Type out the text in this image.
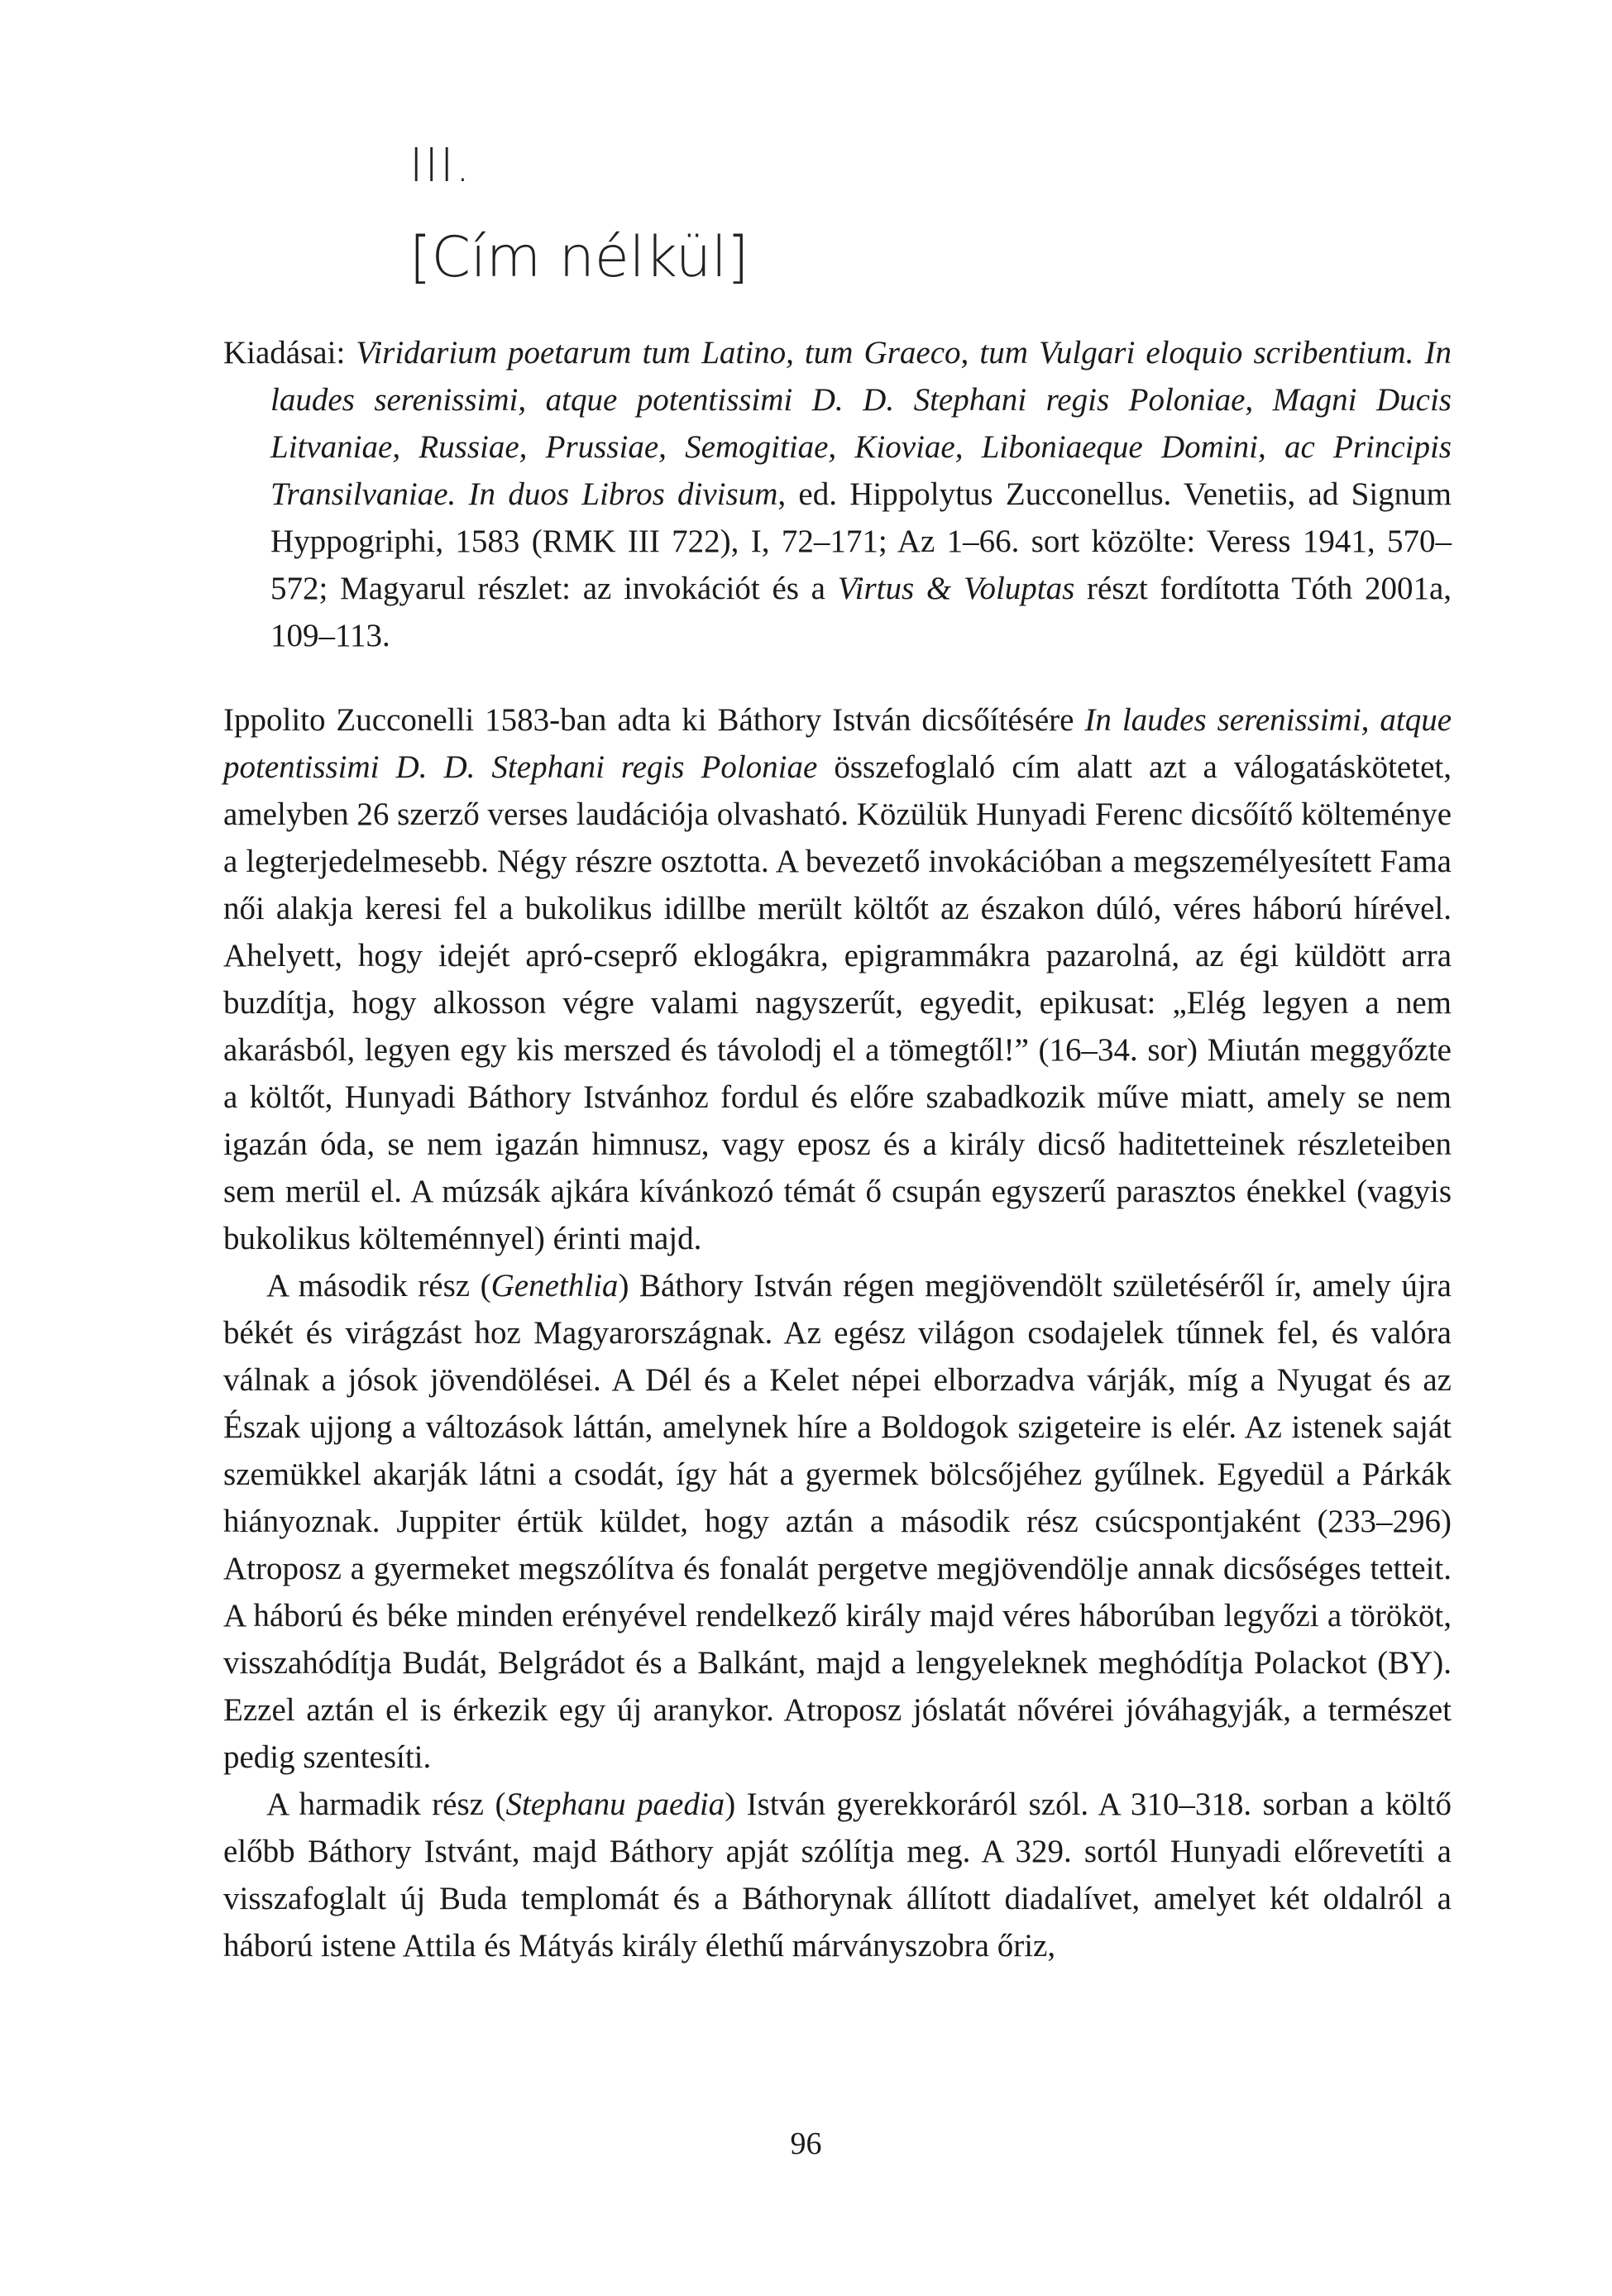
III.
[Cím nélkül]

Kiadásai: Viridarium poetarum tum Latino, tum Graeco, tum Vulgari eloquio scribentium. In laudes serenissimi, atque potentissimi D. D. Stephani regis Poloniae, Magni Ducis Litvaniae, Russiae, Prussiae, Semogitiae, Kioviae, Liboniaeque Domini, ac Principis Transilvaniae. In duos Libros divisum, ed. Hippolytus Zucconellus. Venetiis, ad Signum Hyppogriphi, 1583 (RMK III 722), I, 72–171; Az 1–66. sort közölte: Veress 1941, 570–572; Magyarul részlet: az invokációt és a Virtus & Voluptas részt fordította Tóth 2001a, 109–113.

Ippolito Zucconelli 1583-ban adta ki Báthory István dicsőítésére In laudes serenissimi, atque potentissimi D. D. Stephani regis Poloniae összefoglaló cím alatt azt a válogatáskötetet, amelyben 26 szerző verses laudációja olvasható. Közülük Hunyadi Ferenc dicsőítő költeménye a legterjedelmesebb. Négy részre osztotta. A bevezető invokációban a megszemélyesített Fama női alakja keresi fel a bukolikus idillbe merült költőt az északon dúló, véres háború hírével. Ahelyett, hogy idejét apró-cseprő eklogákra, epigrammákra pazarolná, az égi küldött arra buzdítja, hogy alkosson végre valami nagyszerűt, egyedit, epikusat: „Elég legyen a nem akarásból, legyen egy kis merszed és távolodj el a tömegtől!” (16–34. sor) Miután meggyőzte a költőt, Hunyadi Báthory Istvánhoz fordul és előre szabadkozik műve miatt, amely se nem igazán óda, se nem igazán himnusz, vagy eposz és a király dicső haditetteinek részleteiben sem merül el. A múzsák ajkára kívánkozó témát ő csupán egyszerű parasztos énekkel (vagyis bukolikus költeménnyel) érinti majd.

A második rész (Genethlia) Báthory István régen megjövendölt születéséről ír, amely újra békét és virágzást hoz Magyarországnak. Az egész világon csodajelek tűnnek fel, és valóra válnak a jósok jövendölései. A Dél és a Kelet népei elborzadva várják, míg a Nyugat és az Észak ujjong a változások láttán, amelynek híre a Boldogok szigeteire is elér. Az istenek saját szemükkel akarják látni a csodát, így hát a gyermek bölcsőjéhez gyűlnek. Egyedül a Párkák hiányoznak. Juppiter értük küldet, hogy aztán a második rész csúcspontjaként (233–296) Atroposz a gyermeket megszólítva és fonalát pergetve megjövendölje annak dicsőséges tetteit. A háború és béke minden erényével rendelkező király majd véres háborúban legyőzi a törököt, visszahódítja Budát, Belgrádot és a Balkánt, majd a lengyeleknek meghódítja Polackot (BY). Ezzel aztán el is érkezik egy új aranykor. Atroposz jóslatát nővérei jóváhagyják, a természet pedig szentesíti.

A harmadik rész (Stephanu paedia) István gyerekkoráról szól. A 310–318. sorban a költő előbb Báthory Istvánt, majd Báthory apját szólítja meg. A 329. sortól Hunyadi előrevetíti a visszafoglalt új Buda templomát és a Báthorynak állított diadalívet, amelyet két oldalról a háború istene Attila és Mátyás király élethű márványszobra őriz,

96
